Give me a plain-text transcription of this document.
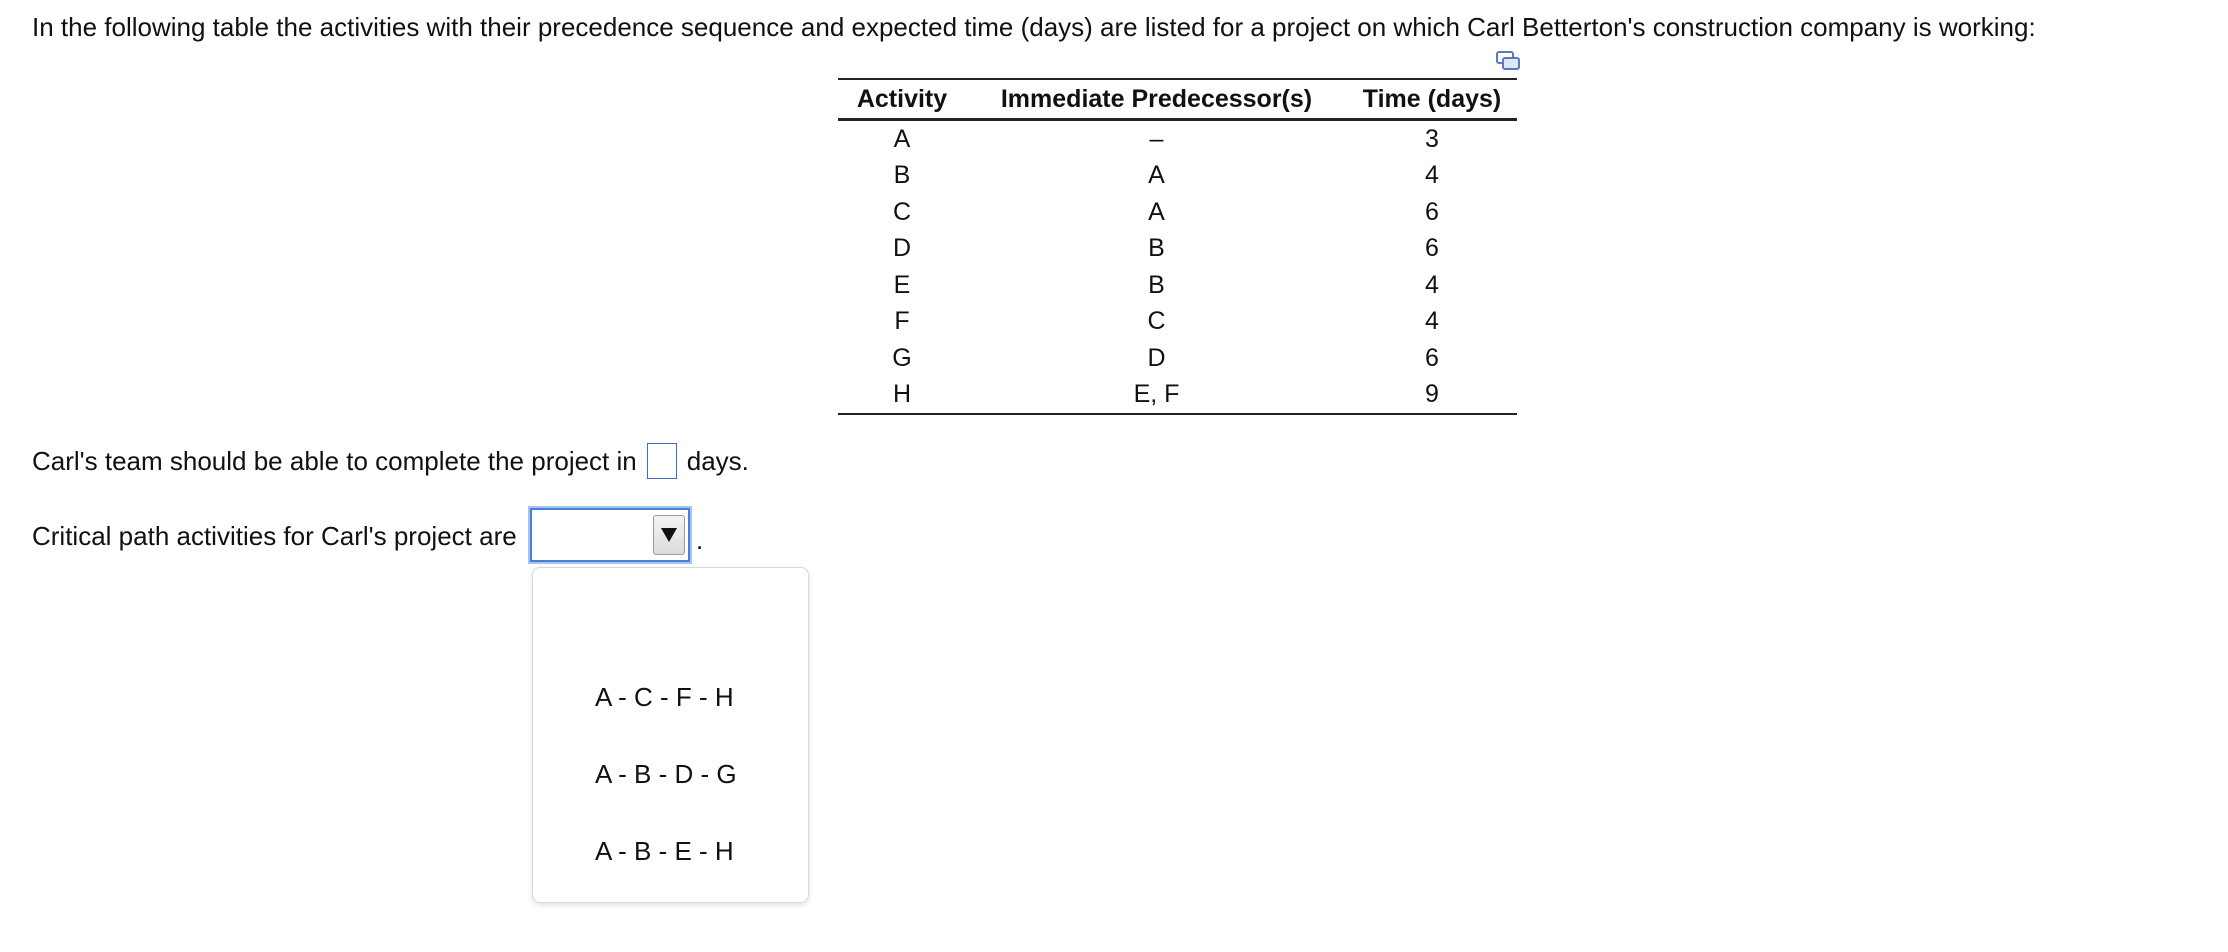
In the following table the activities with their precedence sequence and expected time (days) are listed for a project on which Carl Betterton's construction company is working:
Activity	Immediate Predecessor(s)	Time (days)
A	–	3
B	A	4
C	A	6
D	B	6
E	B	4
F	C	4
G	D	6
H	E, F	9
Carl's team should be able to complete the project in days.
Critical path activities for Carl's project are	.
A - C - F - H
A - B - D - G
A - B - E - H
